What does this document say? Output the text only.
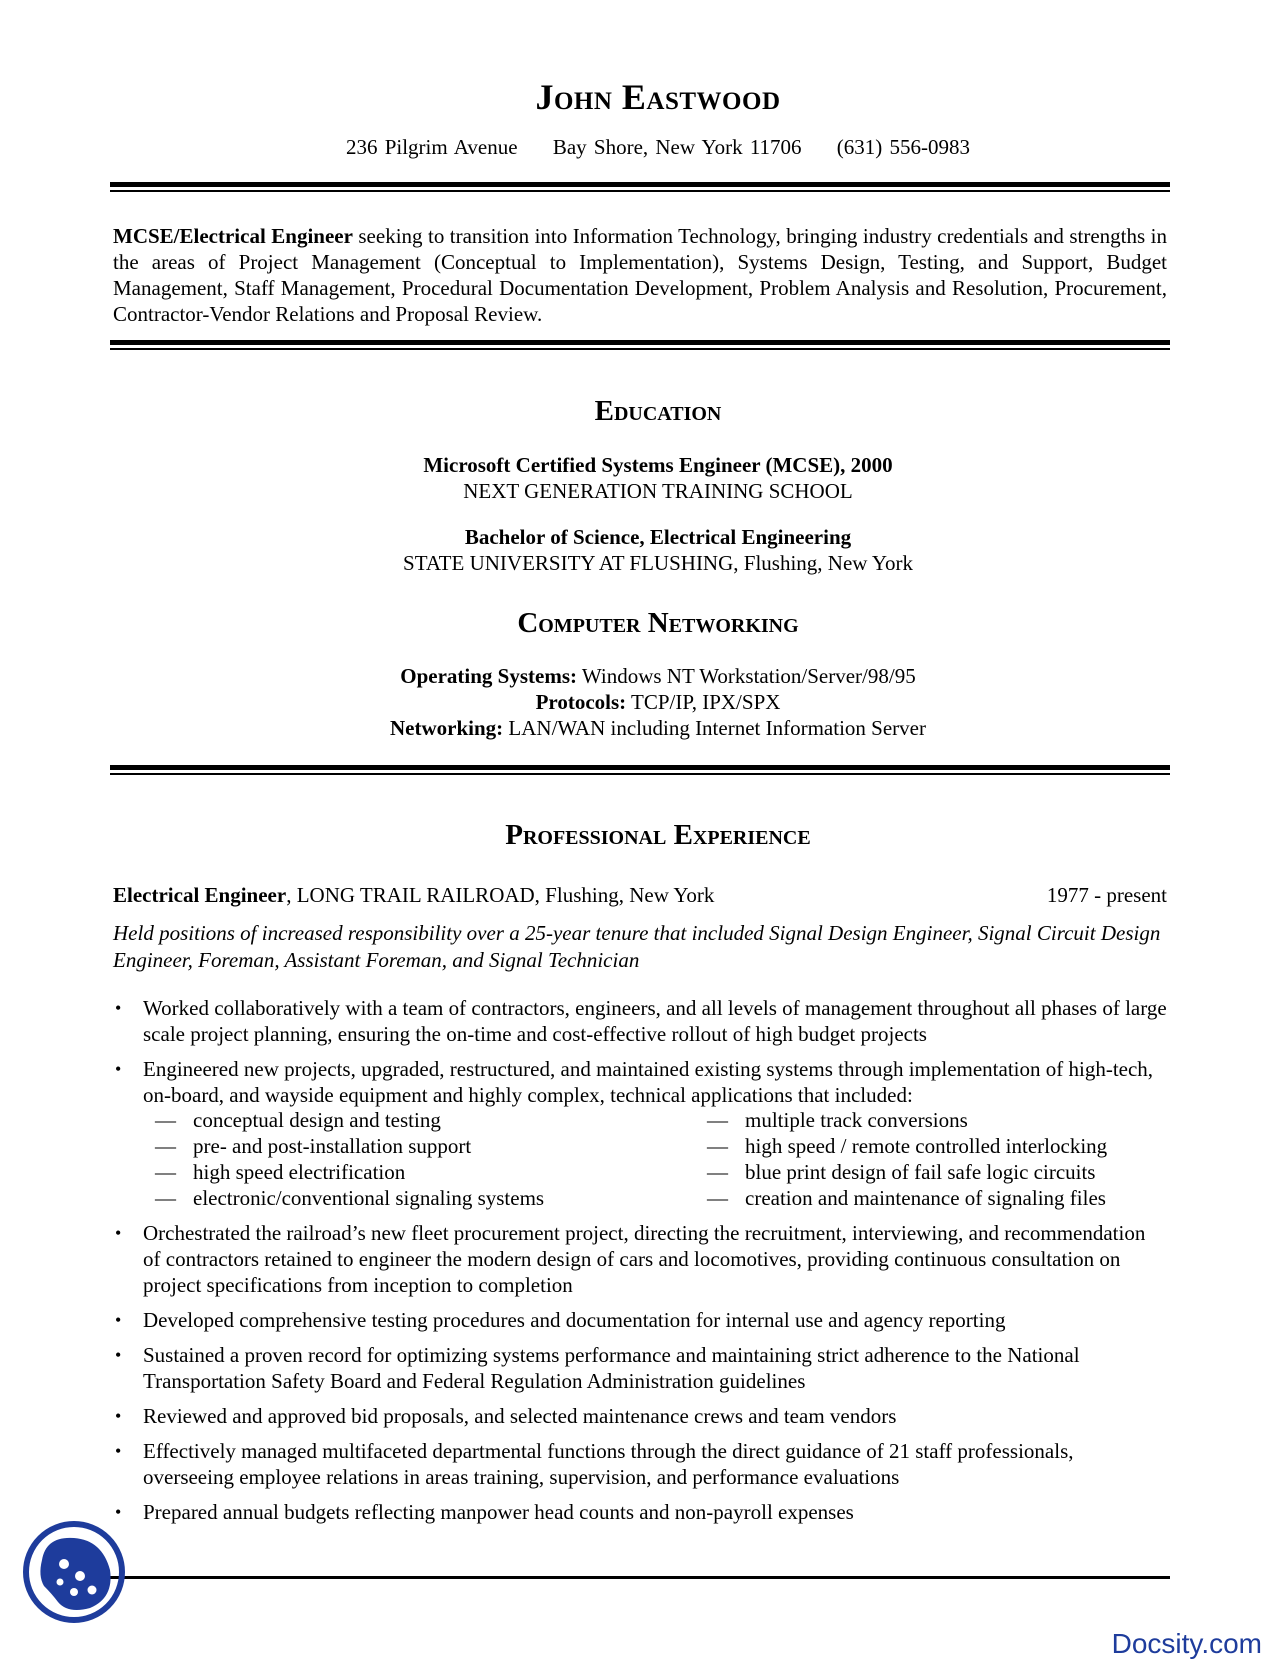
John Eastwood
236 Pilgrim Avenue Bay Shore, New York 11706 (631) 556-0983
MCSE/Electrical Engineer seeking to transition into Information Technology, bringing industry credentials and strengths in the areas of Project Management (Conceptual to Implementation), Systems Design, Testing, and Support, Budget Management, Staff Management, Procedural Documentation Development, Problem Analysis and Resolution, Procurement, Contractor-Vendor Relations and Proposal Review.
Education
Microsoft Certified Systems Engineer (MCSE), 2000
NEXT GENERATION TRAINING SCHOOL
Bachelor of Science, Electrical Engineering
STATE UNIVERSITY AT FLUSHING, Flushing, New York
Computer Networking
Operating Systems: Windows NT Workstation/Server/98/95
Protocols: TCP/IP, IPX/SPX
Networking: LAN/WAN including Internet Information Server
Professional Experience
Electrical Engineer, LONG TRAIL RAILROAD, Flushing, New York	1977 - present
Held positions of increased responsibility over a 25-year tenure that included Signal Design Engineer, Signal Circuit Design Engineer, Foreman, Assistant Foreman, and Signal Technician
• Worked collaboratively with a team of contractors, engineers, and all levels of management throughout all phases of large scale project planning, ensuring the on-time and cost-effective rollout of high budget projects
• Engineered new projects, upgraded, restructured, and maintained existing systems through implementation of high-tech, on-board, and wayside equipment and highly complex, technical applications that included:
— conceptual design and testing	— multiple track conversions
— pre- and post-installation support	— high speed / remote controlled interlocking
— high speed electrification	— blue print design of fail safe logic circuits
— electronic/conventional signaling systems	— creation and maintenance of signaling files
• Orchestrated the railroad’s new fleet procurement project, directing the recruitment, interviewing, and recommendation of contractors retained to engineer the modern design of cars and locomotives, providing continuous consultation on project specifications from inception to completion
• Developed comprehensive testing procedures and documentation for internal use and agency reporting
• Sustained a proven record for optimizing systems performance and maintaining strict adherence to the National Transportation Safety Board and Federal Regulation Administration guidelines
• Reviewed and approved bid proposals, and selected maintenance crews and team vendors
• Effectively managed multifaceted departmental functions through the direct guidance of 21 staff professionals, overseeing employee relations in areas training, supervision, and performance evaluations
• Prepared annual budgets reflecting manpower head counts and non-payroll expenses
Docsity.com
